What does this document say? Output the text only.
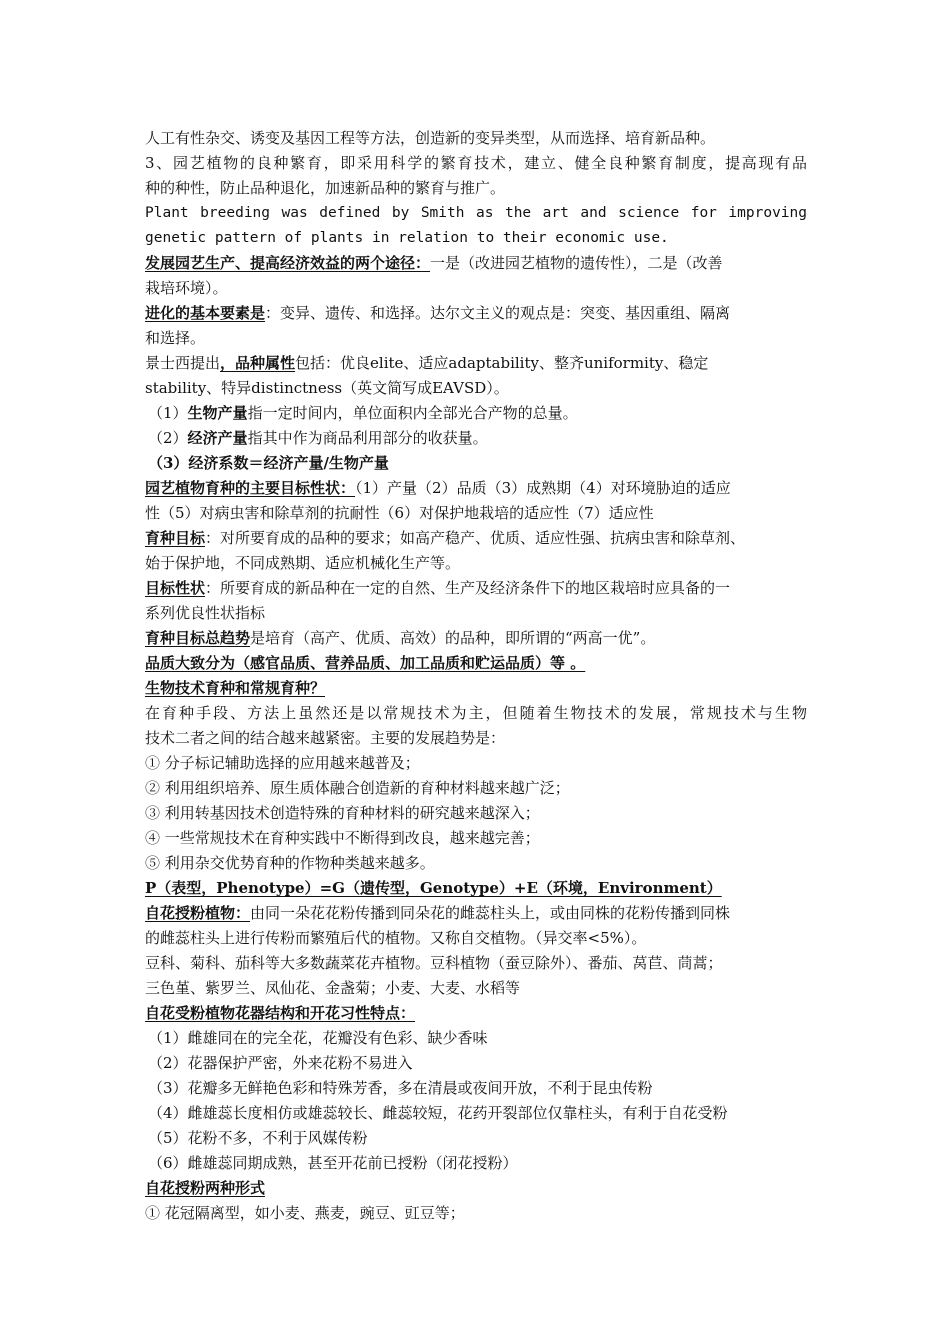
人工有性杂交、诱变及基因工程等方法，创造新的变异类型，从而选择、培育新品种。
3、园艺植物的良种繁育，即采用科学的繁育技术，建立、健全良种繁育制度，提高现有品
种的种性，防止品种退化，加速新品种的繁育与推广。
Plant breeding was defined by Smith as the art and science for improving
genetic pattern of plants in relation to their economic use.
发展园艺生产、提高经济效益的两个途径：一是（改进园艺植物的遗传性），二是（改善
栽培环境）。
进化的基本要素是：变异、遗传、和选择。达尔文主义的观点是：突变、基因重组、隔离
和选择。
景士西提出，品种属性包括：优良elite、适应adaptability、整齐uniformity、稳定
stability、特异distinctness（英文简写成EAVSD）。
（1）生物产量指一定时间内，单位面积内全部光合产物的总量。
（2）经济产量指其中作为商品利用部分的收获量。
（3）经济系数＝经济产量/生物产量
园艺植物育种的主要目标性状：（1）产量（2）品质（3）成熟期（4）对环境胁迫的适应
性（5）对病虫害和除草剂的抗耐性（6）对保护地栽培的适应性（7）适应性
育种目标：对所要育成的品种的要求；如高产稳产、优质、适应性强、抗病虫害和除草剂、
始于保护地，不同成熟期、适应机械化生产等。
目标性状：所要育成的新品种在一定的自然、生产及经济条件下的地区栽培时应具备的一
系列优良性状指标
育种目标总趋势是培育（高产、优质、高效）的品种，即所谓的“两高一优”。
品质大致分为（感官品质、营养品质、加工品质和贮运品质）等 。
生物技术育种和常规育种？
在育种手段、方法上虽然还是以常规技术为主，但随着生物技术的发展，常规技术与生物
技术二者之间的结合越来越紧密。主要的发展趋势是：
① 分子标记辅助选择的应用越来越普及；
② 利用组织培养、原生质体融合创造新的育种材料越来越广泛；
③ 利用转基因技术创造特殊的育种材料的研究越来越深入；
④ 一些常规技术在育种实践中不断得到改良，越来越完善；
⑤ 利用杂交优势育种的作物种类越来越多。
P（表型，Phenotype）=G（遗传型，Genotype）+E（环境，Environment）
自花授粉植物：由同一朵花花粉传播到同朵花的雌蕊柱头上，或由同株的花粉传播到同株
的雌蕊柱头上进行传粉而繁殖后代的植物。又称自交植物。（异交率<5%）。
豆科、菊科、茄科等大多数蔬菜花卉植物。豆科植物（蚕豆除外）、番茄、莴苣、茼蒿；
三色堇、紫罗兰、凤仙花、金盏菊；小麦、大麦、水稻等
自花受粉植物花器结构和开花习性特点：
（1）雌雄同在的完全花，花瓣没有色彩、缺少香味
（2）花器保护严密，外来花粉不易进入
（3）花瓣多无鲜艳色彩和特殊芳香，多在清晨或夜间开放，不利于昆虫传粉
（4）雌雄蕊长度相仿或雄蕊较长、雌蕊较短，花药开裂部位仅靠柱头，有利于自花受粉
（5）花粉不多，不利于风媒传粉
（6）雌雄蕊同期成熟，甚至开花前已授粉（闭花授粉）
自花授粉两种形式
① 花冠隔离型，如小麦、燕麦，豌豆、豇豆等；
